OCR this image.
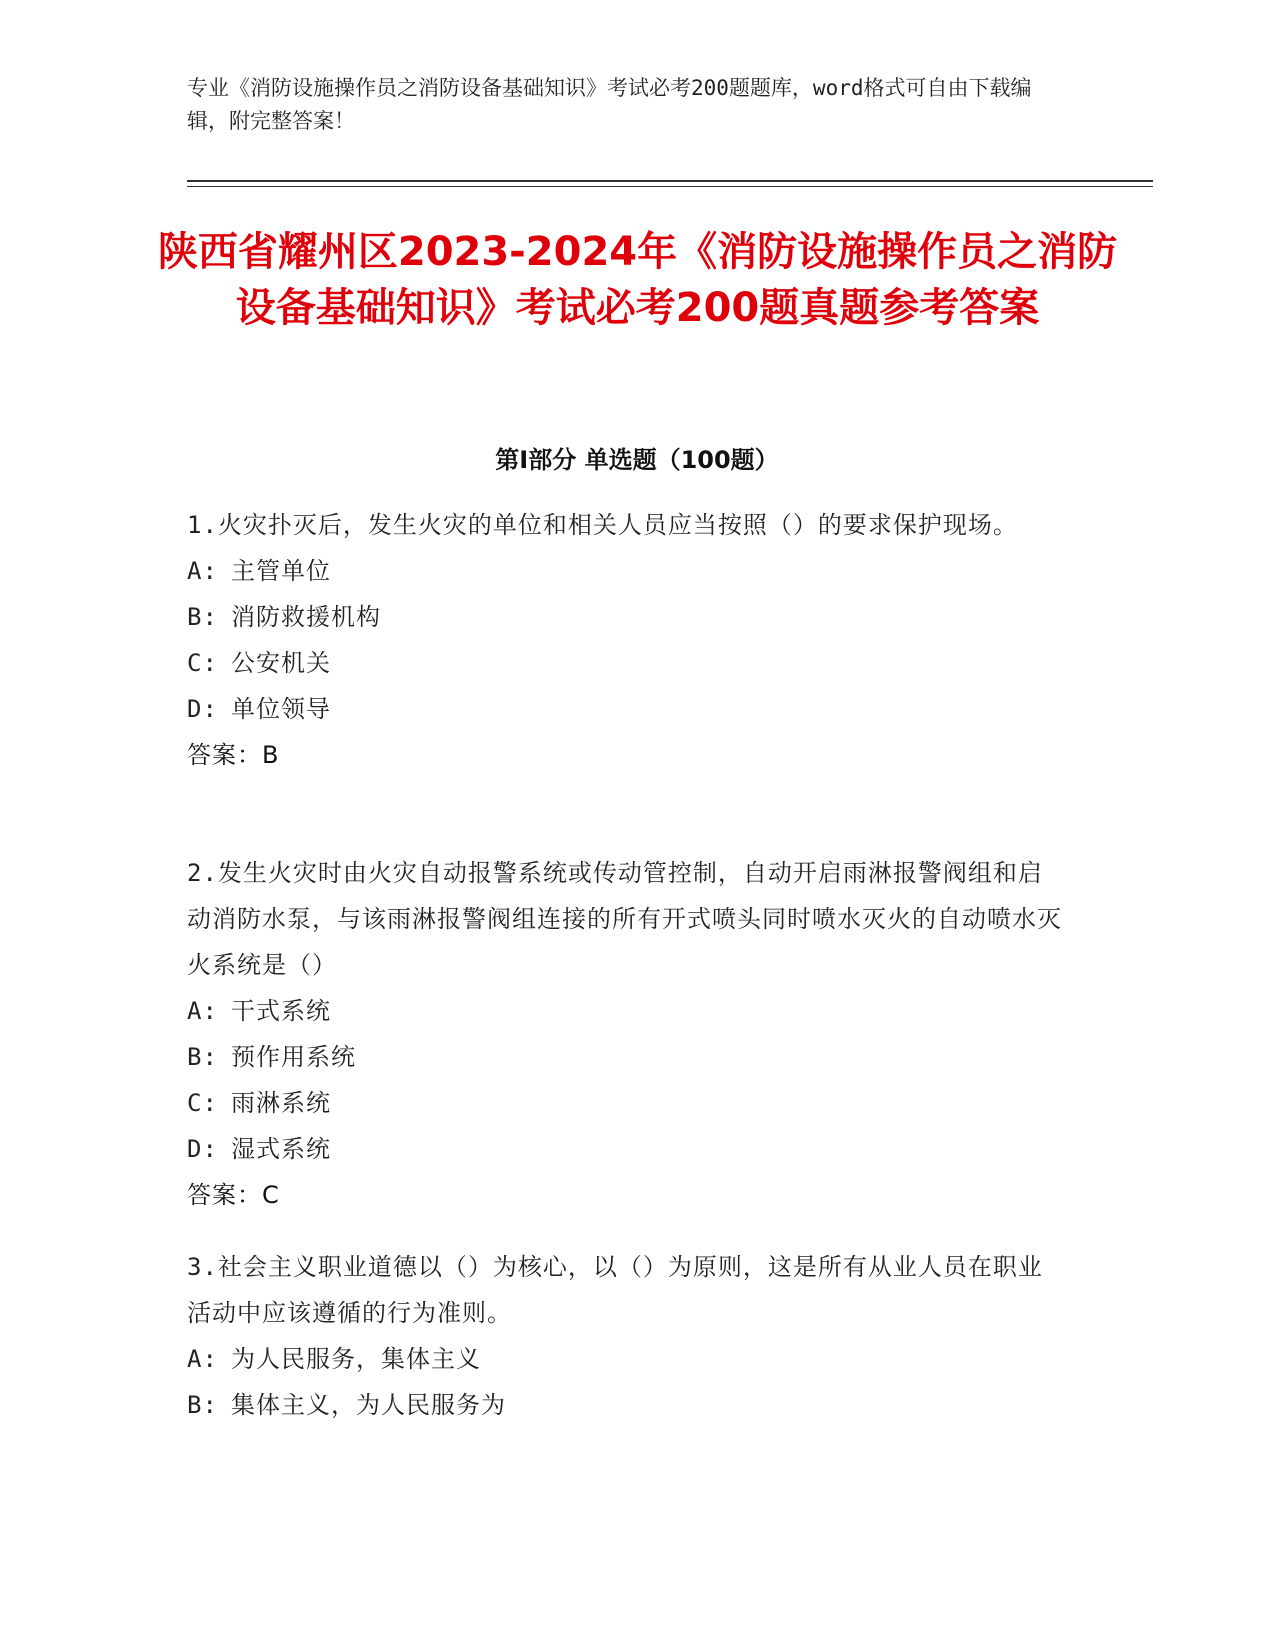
专业《消防设施操作员之消防设备基础知识》考试必考200题题库，word格式可自由下载编辑，附完整答案！

陕西省耀州区2023-2024年《消防设施操作员之消防设备基础知识》考试必考200题真题参考答案
第I部分 单选题（100题）

1.火灾扑灭后，发生火灾的单位和相关人员应当按照（）的要求保护现场。

A: 主管单位

B: 消防救援机构

C: 公安机关

D: 单位领导

答案：B

2.发生火灾时由火灾自动报警系统或传动管控制，自动开启雨淋报警阀组和启动消防水泵，与该雨淋报警阀组连接的所有开式喷头同时喷水灭火的自动喷水灭火系统是（）

A: 干式系统

B: 预作用系统

C: 雨淋系统

D: 湿式系统

答案：C

3.社会主义职业道德以（）为核心，以（）为原则，这是所有从业人员在职业活动中应该遵循的行为准则。

A: 为人民服务，集体主义

B: 集体主义，为人民服务为
